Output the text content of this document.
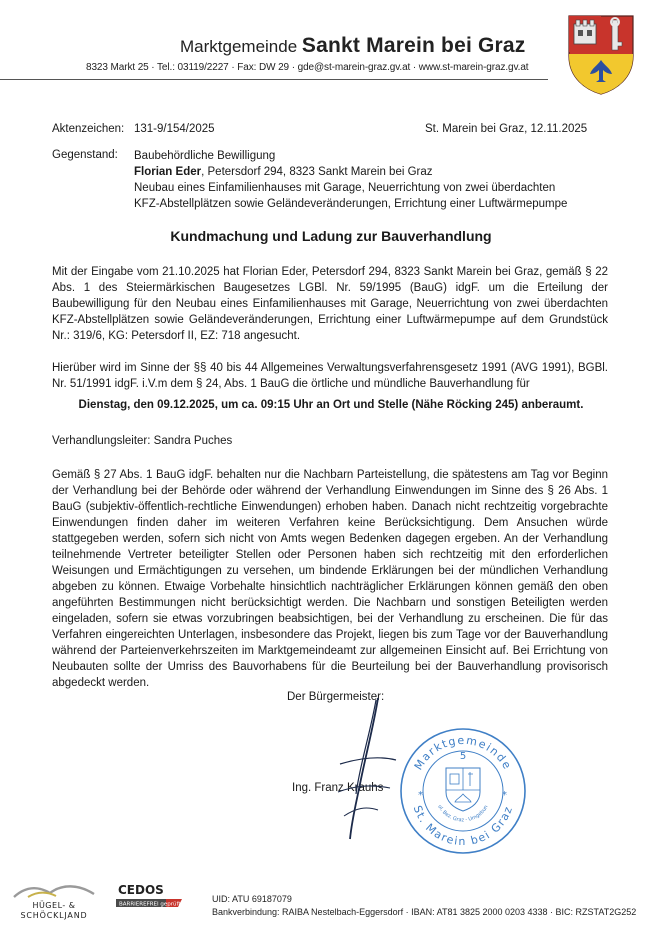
Marktgemeinde Sankt Marein bei Graz
8323 Markt 25 · Tel.: 03119/2227 · Fax: DW 29 · gde@st-marein-graz.gv.at · www.st-marein-graz.gv.at
Aktenzeichen: 131-9/154/2025	St. Marein bei Graz, 12.11.2025
Gegenstand: Baubehördliche Bewilligung
Florian Eder, Petersdorf 294, 8323 Sankt Marein bei Graz
Neubau eines Einfamilienhauses mit Garage, Neuerrichtung von zwei überdachten
KFZ-Abstellplätzen sowie Geländeveränderungen, Errichtung einer Luftwärmepumpe
Kundmachung und Ladung zur Bauverhandlung
Mit der Eingabe vom 21.10.2025 hat Florian Eder, Petersdorf 294, 8323 Sankt Marein bei Graz, gemäß § 22 Abs. 1 des Steiermärkischen Baugesetzes LGBl. Nr. 59/1995 (BauG) idgF. um die Erteilung der Baubewilligung für den Neubau eines Einfamilienhauses mit Garage, Neuerrichtung von zwei überdachten KFZ-Abstellplätzen sowie Geländeveränderungen, Errichtung einer Luftwärmepumpe auf dem Grundstück Nr.: 319/6, KG: Petersdorf II, EZ: 718 angesucht.
Hierüber wird im Sinne der §§ 40 bis 44 Allgemeines Verwaltungsverfahrensgesetz 1991 (AVG 1991), BGBl. Nr. 51/1991 idgF. i.V.m dem § 24, Abs. 1 BauG die örtliche und mündliche Bauverhandlung für
Dienstag, den 09.12.2025, um ca. 09:15 Uhr an Ort und Stelle (Nähe Röcking 245) anberaumt.
Verhandlungsleiter: Sandra Puches
Gemäß § 27 Abs. 1 BauG idgF. behalten nur die Nachbarn Parteistellung, die spätestens am Tag vor Beginn der Verhandlung bei der Behörde oder während der Verhandlung Einwendungen im Sinne des § 26 Abs. 1 BauG (subjektiv-öffentlich-rechtliche Einwendungen) erhoben haben. Danach nicht rechtzeitig vorgebrachte Einwendungen finden daher im weiteren Verfahren keine Berücksichtigung. Dem Ansuchen würde stattgegeben werden, sofern sich nicht von Amts wegen Bedenken dagegen ergeben. An der Verhandlung teilnehmende Vertreter beteiligter Stellen oder Personen haben sich rechtzeitig mit den erforderlichen Weisungen und Ermächtigungen zu versehen, um bindende Erklärungen bei der mündlichen Verhandlung abgeben zu können. Etwaige Vorbehalte hinsichtlich nachträglicher Erklärungen können gemäß den oben angeführten Bestimmungen nicht berücksichtigt werden. Die Nachbarn und sonstigen Beteiligten werden eingeladen, sofern sie etwas vorzubringen beabsichtigen, bei der Verhandlung zu erscheinen. Die für das Verfahren eingereichten Unterlagen, insbesondere das Projekt, liegen bis zum Tage vor der Bauverhandlung während der Parteienverkehrszeiten im Marktgemeindeamt zur allgemeinen Einsicht auf. Bei Errichtung von Neubauten sollte der Umriss des Bauvorhabens für die Beurteilung bei der Bauverhandlung provisorisch abgedeckt werden.
Der Bürgermeister:
Ing. Franz Krauhs
Marktgemeinde
St. Marein bei Graz
ol. Bez. Graz - Umgebun
5
*	*
HÜGEL- &
SCHÖCKLJAND
CEDOS
BARRIEREFREI geprüft
UID: ATU 69187079
Bankverbindung: RAIBA Nestelbach-Eggersdorf · IBAN: AT81 3825 2000 0203 4338 · BIC: RZSTAT2G252
